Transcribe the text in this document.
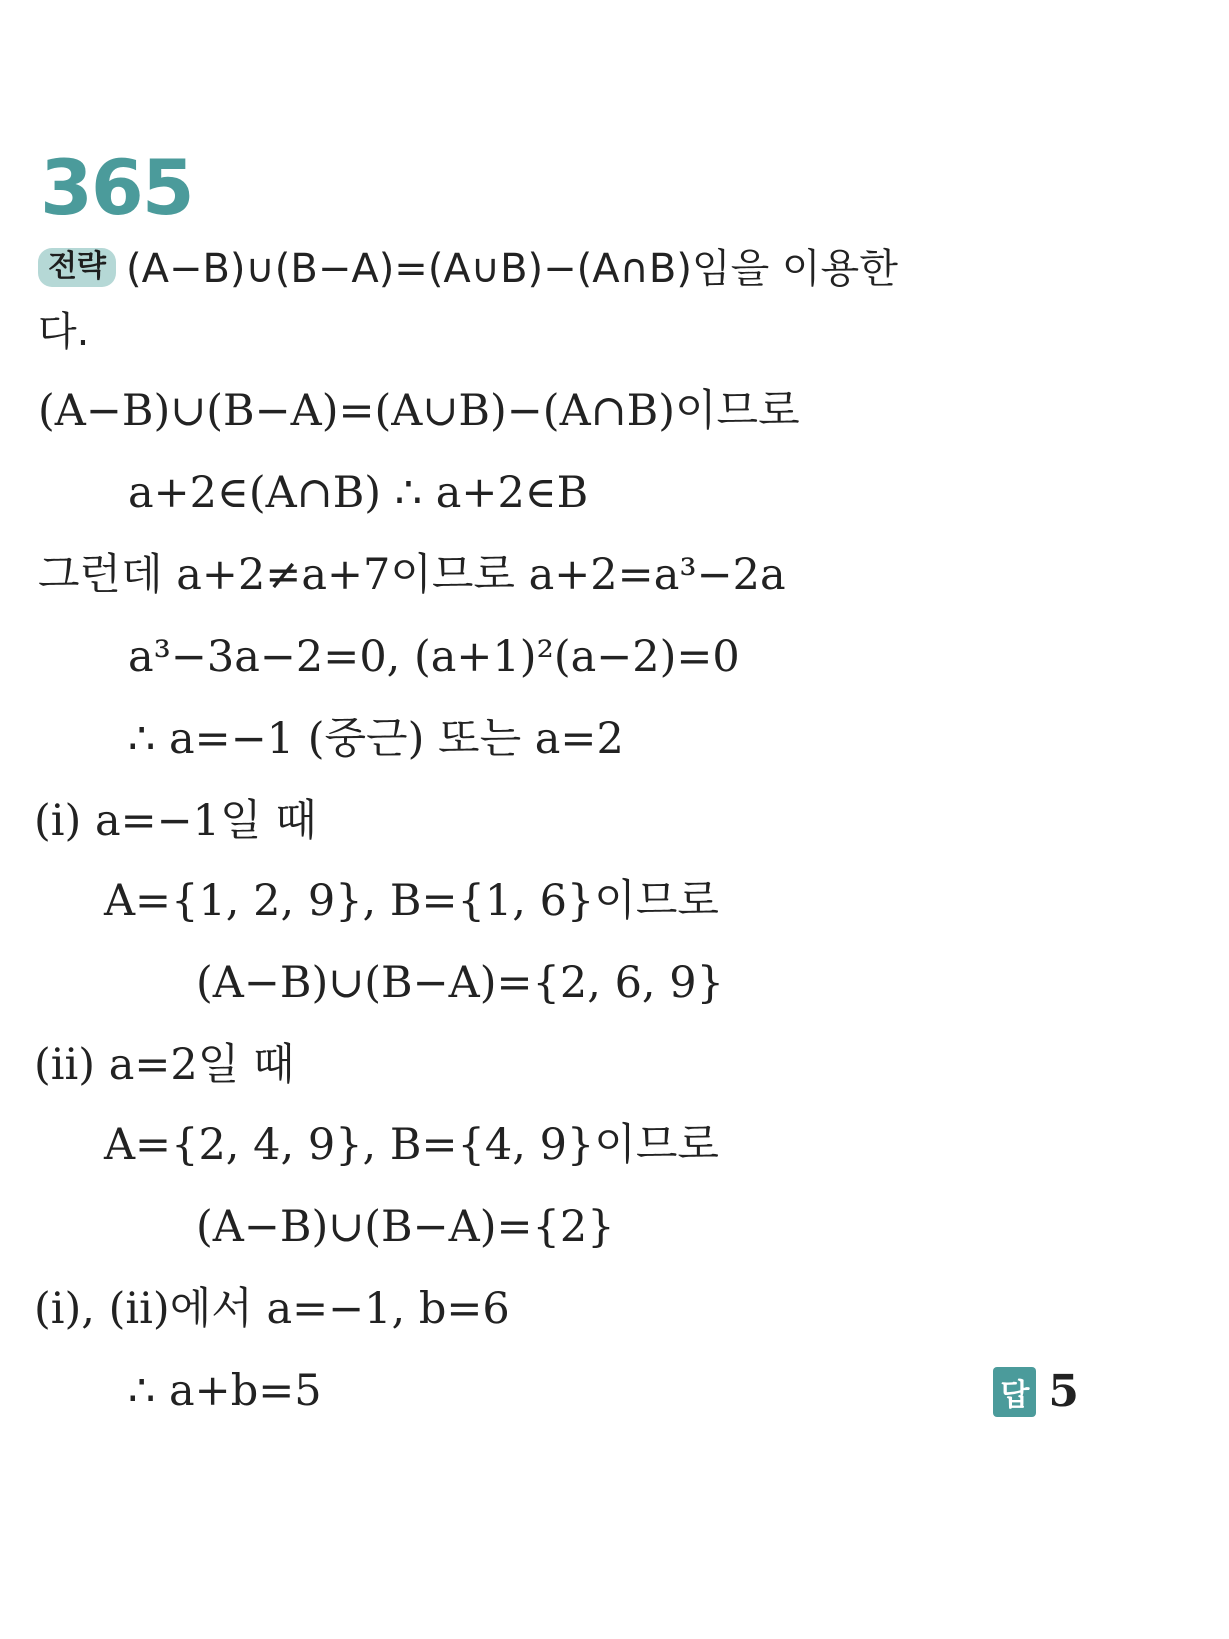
365
전략 (A−B)∪(B−A)=(A∪B)−(A∩B)임을 이용한
다.
(A−B)∪(B−A)=(A∪B)−(A∩B)이므로
a+2∈(A∩B) ∴ a+2∈B
그런데 a+2≠a+7이므로 a+2=a³−2a
a³−3a−2=0, (a+1)²(a−2)=0
∴ a=−1 (중근) 또는 a=2
(ⅰ) a=−1일 때
A={1, 2, 9}, B={1, 6}이므로
(A−B)∪(B−A)={2, 6, 9}
(ⅱ) a=2일 때
A={2, 4, 9}, B={4, 9}이므로
(A−B)∪(B−A)={2}
(ⅰ), (ⅱ)에서 a=−1, b=6
∴ a+b=5	답 5
